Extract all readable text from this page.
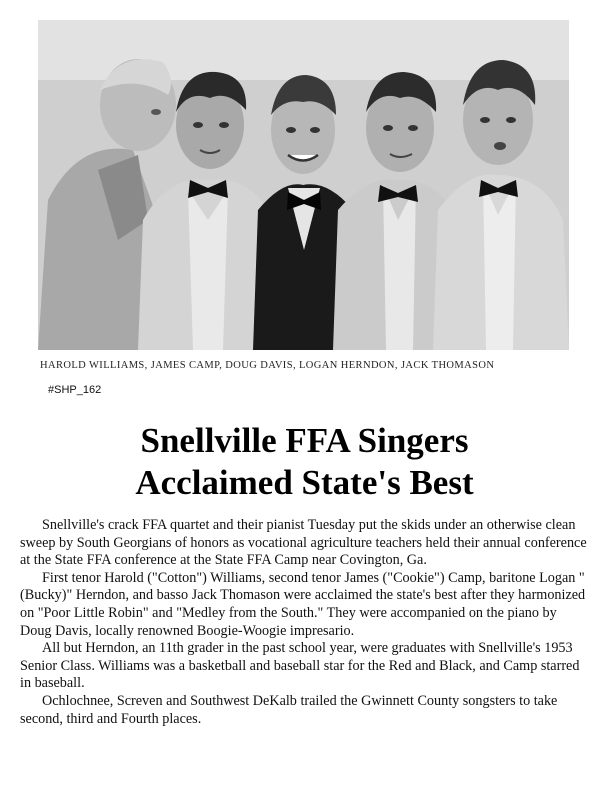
HAROLD WILLIAMS, JAMES CAMP, DOUG DAVIS, LOGAN HERNDON, JACK THOMASON
#SHP_162
Snellville FFA Singers
Acclaimed State's Best

Snellville's crack FFA quartet and their pianist Tuesday put the skids under an otherwise clean sweep by South Georgians of honors as vocational agriculture teachers held their annual conference at the State FFA conference at the State FFA Camp near Covington, Ga.

First tenor Harold ("Cotton") Williams, second tenor James ("Cookie") Camp, baritone Logan "(Bucky)" Herndon, and basso Jack Thomason were acclaimed the state's best after they harmonized on "Poor Little Robin" and "Medley from the South." They were accompanied on the piano by Doug Davis, locally renowned Boogie-Woogie impresario.

All but Herndon, an 11th grader in the past school year, were graduates with Snellville's 1953 Senior Class. Williams was a basketball and baseball star for the Red and Black, and Camp starred in baseball.

Ochlochnee, Screven and Southwest DeKalb trailed the Gwinnett County songsters to take second, third and Fourth places.
